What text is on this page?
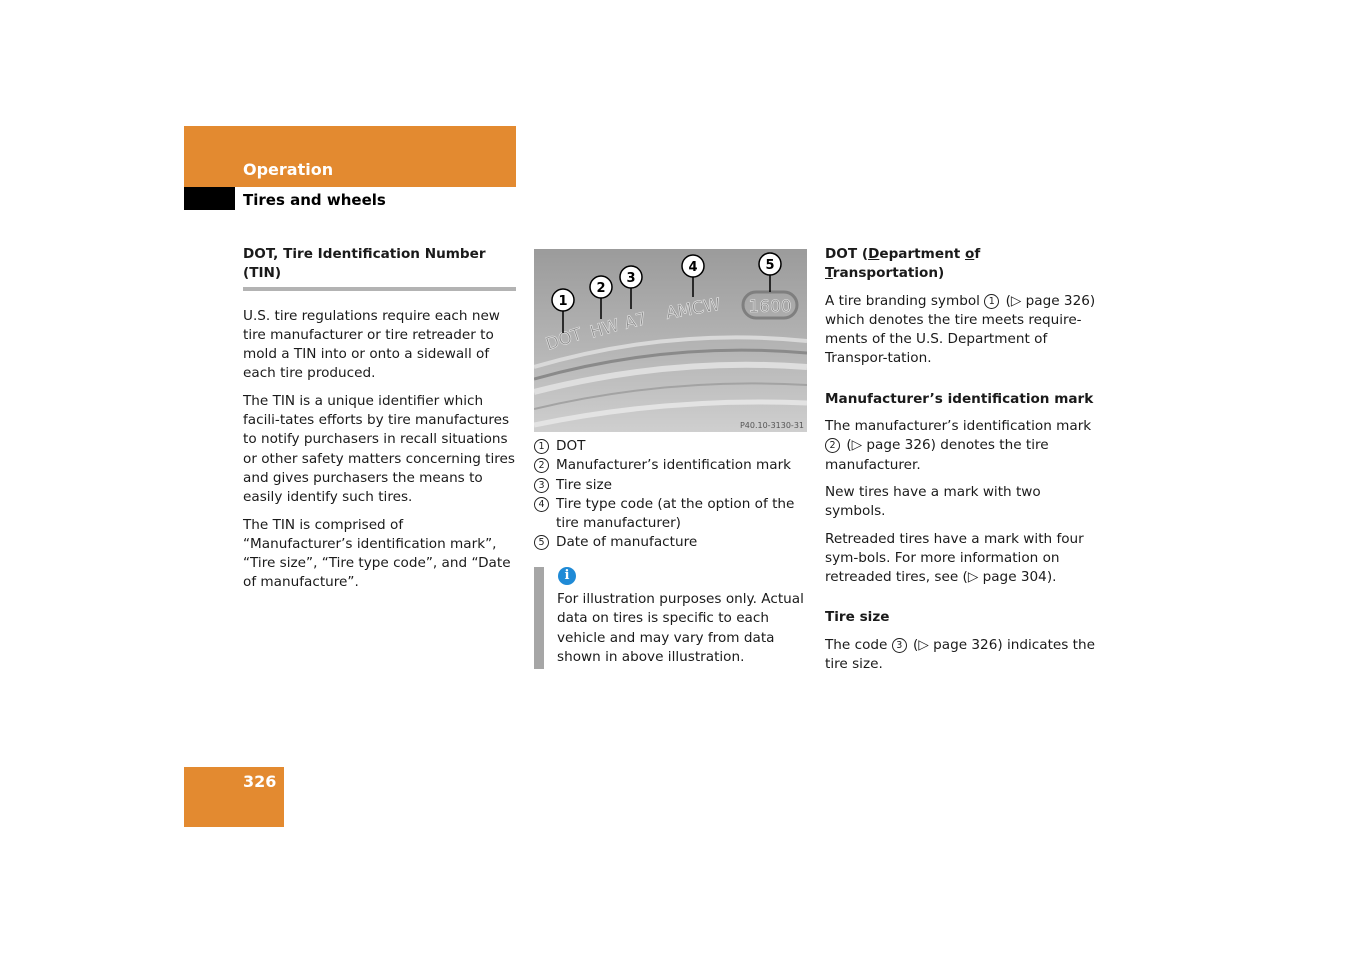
Operation
Tires and wheels
DOT, Tire Identification Number (TIN)

U.S. tire regulations require each new tire manufacturer or tire retreader to mold a TIN into or onto a sidewall of each tire produced.

The TIN is a unique identifier which facili-tates efforts by tire manufactures to notify purchasers in recall situations or other safety matters concerning tires and gives purchasers the means to easily identify such tires.

The TIN is comprised of “Manufacturer’s identification mark”, “Tire size”, “Tire type code”, and “Date of manufacture”.

DOT HW A7 AMCW 1600
1
2
3
4	5
P40.10-3130-31
1 DOT
2 Manufacturer’s identification mark
3 Tire size
4 Tire type code (at the option of the tire manufacturer)
5 Date of manufacture
i
For illustration purposes only. Actual data on tires is specific to each vehicle and may vary from data shown in above illustration.
DOT (Department of Transportation)

A tire branding symbol 1 (▷ page 326) which denotes the tire meets require-ments of the U.S. Department of Transpor-tation.

Manufacturer’s identification mark

The manufacturer’s identification mark 2 (▷ page 326) denotes the tire manufacturer.

New tires have a mark with two symbols.

Retreaded tires have a mark with four sym-bols. For more information on retreaded tires, see (▷ page 304).

Tire size

The code 3 (▷ page 326) indicates the tire size.

326
